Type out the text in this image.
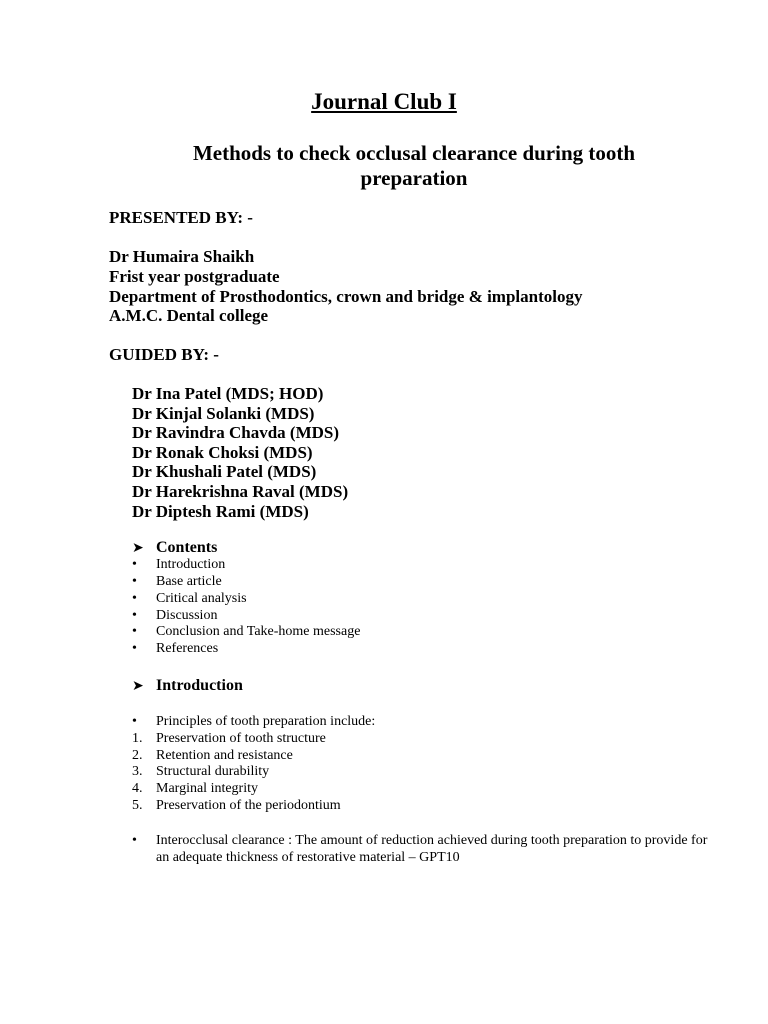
Journal Club I
Methods to check occlusal clearance during tooth preparation
PRESENTED BY: -
Dr Humaira Shaikh
Frist year postgraduate
Department of Prosthodontics, crown and bridge & implantology
A.M.C. Dental college
GUIDED BY: -
Dr Ina Patel (MDS; HOD)
Dr Kinjal Solanki (MDS)
Dr Ravindra Chavda (MDS)
Dr Ronak Choksi (MDS)
Dr Khushali Patel (MDS)
Dr Harekrishna Raval (MDS)
Dr Diptesh Rami (MDS)
➤ Contents
•	Introduction
•	Base article
•	Critical analysis
•	Discussion
•	Conclusion and Take-home message
•	References
➤ Introduction
•	Principles of tooth preparation include:
1. Preservation of tooth structure
2. Retention and resistance
3. Structural durability
4. Marginal integrity
5. Preservation of the periodontium
• Interocclusal clearance : The amount of reduction achieved during tooth preparation to provide for an adequate thickness of restorative material – GPT10
